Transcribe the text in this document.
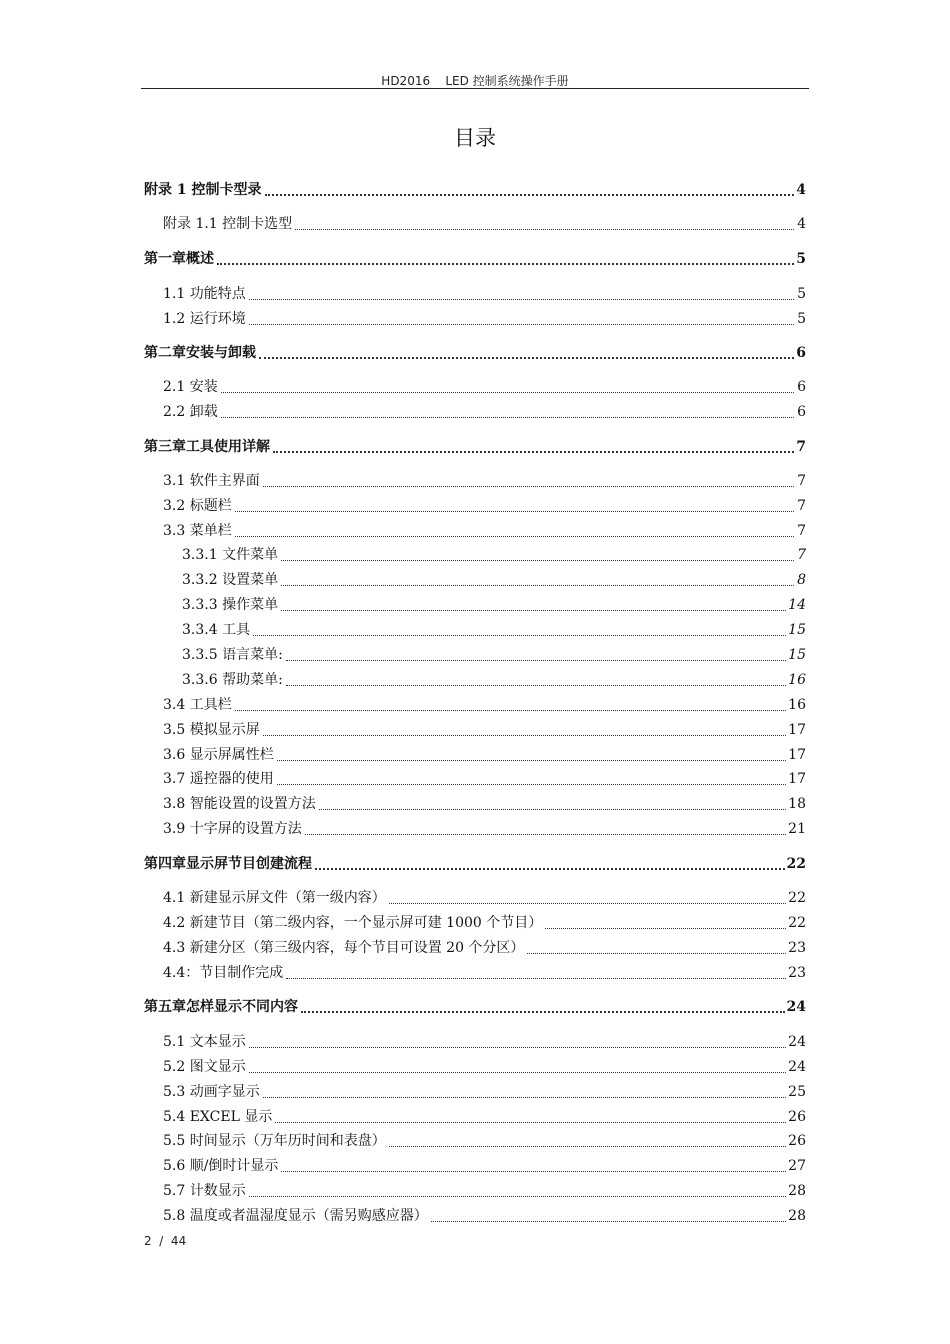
HD2016    LED 控制系统操作手册
目录
附录 1 控制卡型录	4
附录 1.1 控制卡选型	4
第一章概述	5
1.1 功能特点	5
1.2 运行环境	5
第二章安装与卸载	6
2.1 安装	6
2.2 卸载	6
第三章工具使用详解	7
3.1 软件主界面	7
3.2 标题栏	7
3.3 菜单栏	7
3.3.1 文件菜单	7
3.3.2 设置菜单	8
3.3.3 操作菜单	14
3.3.4 工具	15
3.3.5 语言菜单:	15
3.3.6 帮助菜单:	16
3.4 工具栏	16
3.5 模拟显示屏	17
3.6 显示屏属性栏	17
3.7 遥控器的使用	17
3.8 智能设置的设置方法	18
3.9 十字屏的设置方法	21
第四章显示屏节目创建流程	22
4.1 新建显示屏文件（第一级内容）	22
4.2 新建节目（第二级内容，一个显示屏可建 1000 个节目）	22
4.3 新建分区（第三级内容，每个节目可设置 20 个分区）	23
4.4：节目制作完成	23
第五章怎样显示不同内容	24
5.1 文本显示	24
5.2 图文显示	24
5.3 动画字显示	25
5.4 EXCEL 显示	26
5.5 时间显示（万年历时间和表盘）	26
5.6 顺/倒时计显示	27
5.7 计数显示	28
5.8 温度或者温湿度显示（需另购感应器）	28
2  /  44
